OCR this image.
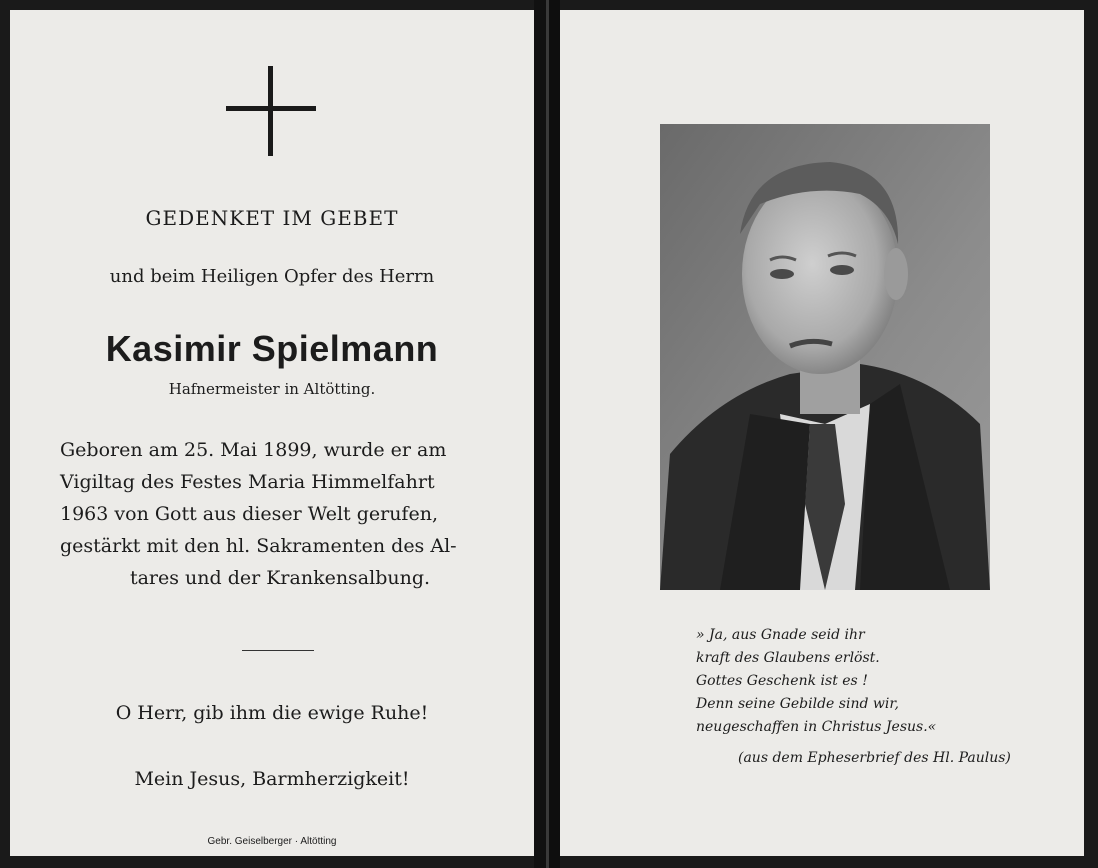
GEDENKET IM GEBET
und beim Heiligen Opfer des Herrn
Kasimir Spielmann
Hafnermeister in Altötting.
Geboren am 25. Mai 1899, wurde er am
Vigiltag des Festes Maria Himmelfahrt
1963 von Gott aus dieser Welt gerufen,
gestärkt mit den hl. Sakramenten des Al-
tares und der Krankensalbung.
O Herr, gib ihm die ewige Ruhe!
Mein Jesus, Barmherzigkeit!
Gebr. Geiselberger · Altötting
» Ja, aus Gnade seid ihr
kraft des Glaubens erlöst.
Gottes Geschenk ist es !
Denn seine Gebilde sind wir,
neugeschaffen in Christus Jesus.«
(aus dem Epheserbrief des Hl. Paulus)
